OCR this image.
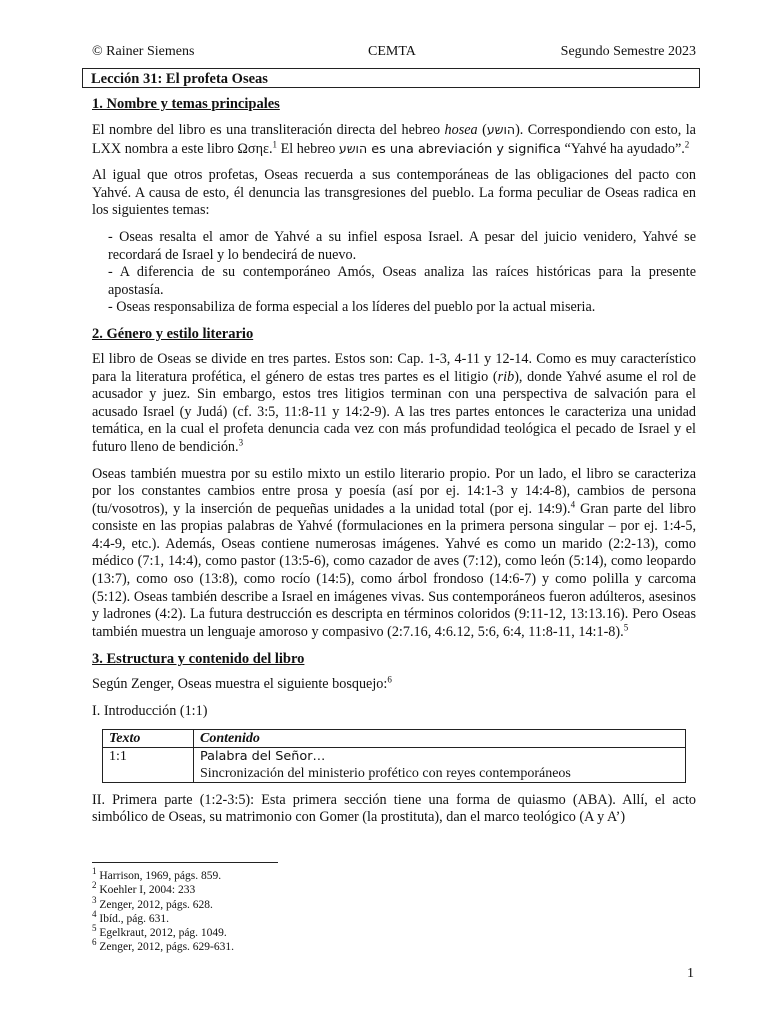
© Rainer Siemens	CEMTA	Segundo Semestre 2023
Lección 31: El profeta Oseas
1. Nombre y temas principales

El nombre del libro es una transliteración directa del hebreo hosea (הושע). Correspondiendo con esto, la LXX nombra a este libro Ωσηε.$^1$ El hebreo הושע es una abreviación y significa “Yahvé ha ayudado”.$^2$

Al igual que otros profetas, Oseas recuerda a sus contemporáneas de las obligaciones del pacto con Yahvé. A causa de esto, él denuncia las transgresiones del pueblo. La forma peculiar de Oseas radica en los siguientes temas:

- Oseas resalta el amor de Yahvé a su infiel esposa Israel. A pesar del juicio venidero, Yahvé se recordará de Israel y lo bendecirá de nuevo.
- A diferencia de su contemporáneo Amós, Oseas analiza las raíces históricas para la presente apostasía.
- Oseas responsabiliza de forma especial a los líderes del pueblo por la actual miseria.
2. Género y estilo literario

El libro de Oseas se divide en tres partes. Estos son: Cap. 1-3, 4-11 y 12-14. Como es muy característico para la literatura profética, el género de estas tres partes es el litigio (rib), donde Yahvé asume el rol de acusador y juez. Sin embargo, estos tres litigios terminan con una perspectiva de salvación para el acusado Israel (y Judá) (cf. 3:5, 11:8-11 y 14:2-9). A las tres partes entonces le caracteriza una unidad temática, en la cual el profeta denuncia cada vez con más profundidad teológica el pecado de Israel y el futuro lleno de bendición.$^3$

Oseas también muestra por su estilo mixto un estilo literario propio. Por un lado, el libro se caracteriza por los constantes cambios entre prosa y poesía (así por ej. 14:1-3 y 14:4-8), cambios de persona (tu/vosotros), y la inserción de pequeñas unidades a la unidad total (por ej. 14:9).$^4$ Gran parte del libro consiste en las propias palabras de Yahvé (formulaciones en la primera persona singular – por ej. 1:4-5, 4:4-9, etc.). Además, Oseas contiene numerosas imágenes. Yahvé es como un marido (2:2-13), como médico (7:1, 14:4), como pastor (13:5-6), como cazador de aves (7:12), como león (5:14), como leopardo (13:7), como oso (13:8), como rocío (14:5), como árbol frondoso (14:6-7) y como polilla y carcoma (5:12). Oseas también describe a Israel en imágenes vivas. Sus contemporáneos fueron adúlteros, asesinos y ladrones (4:2). La futura destrucción es descripta en términos coloridos (9:11-12, 13:13.16). Pero Oseas también muestra un lenguaje amoroso y compasivo (2:7.16, 4:6.12, 5:6, 6:4, 11:8-11, 14:1-8).$^5$

3. Estructura y contenido del libro

Según Zenger, Oseas muestra el siguiente bosquejo:$^6$

I. Introducción (1:1)

Texto	Contenido
1:1	Palabra del Señor…
Sincronización del ministerio profético con reyes contemporáneos

II. Primera parte (1:2-3:5): Esta primera sección tiene una forma de quiasmo (ABA). Allí, el acto simbólico de Oseas, su matrimonio con Gomer (la prostituta), dan el marco teológico (A y A’)

$^1$ Harrison, 1969, págs. 859.
$^2$ Koehler I, 2004: 233
$^3$ Zenger, 2012, págs. 628.
$^4$ Ibíd., pág. 631.
$^5$ Egelkraut, 2012, pág. 1049.
$^6$ Zenger, 2012, págs. 629-631.
1
